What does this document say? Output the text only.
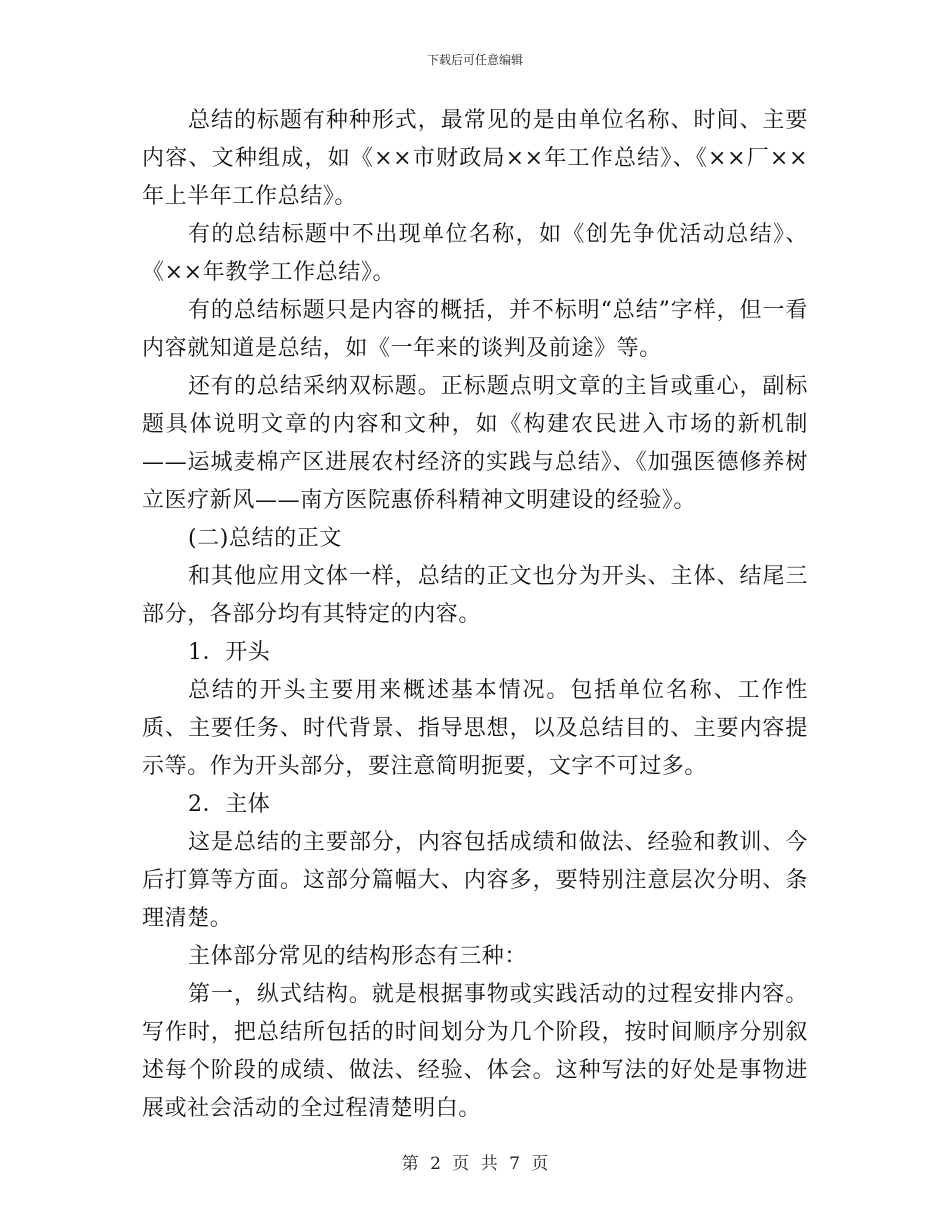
下载后可任意编辑

总结的标题有种种形式，最常见的是由单位名称、时间、主要内容、文种组成，如《××市财政局××年工作总结》、《××厂××年上半年工作总结》。

有的总结标题中不出现单位名称，如《创先争优活动总结》、《××年教学工作总结》。

有的总结标题只是内容的概括，并不标明“总结”字样，但一看内容就知道是总结，如《一年来的谈判及前途》等。

还有的总结采纳双标题。正标题点明文章的主旨或重心，副标题具体说明文章的内容和文种，如《构建农民进入市场的新机制——运城麦棉产区进展农村经济的实践与总结》、《加强医德修养树立医疗新风——南方医院惠侨科精神文明建设的经验》。

(二)总结的正文

和其他应用文体一样，总结的正文也分为开头、主体、结尾三部分，各部分均有其特定的内容。

1．开头

总结的开头主要用来概述基本情况。包括单位名称、工作性质、主要任务、时代背景、指导思想，以及总结目的、主要内容提示等。作为开头部分，要注意简明扼要，文字不可过多。

2．主体

这是总结的主要部分，内容包括成绩和做法、经验和教训、今后打算等方面。这部分篇幅大、内容多，要特别注意层次分明、条理清楚。

主体部分常见的结构形态有三种：

第一，纵式结构。就是根据事物或实践活动的过程安排内容。写作时，把总结所包括的时间划分为几个阶段，按时间顺序分别叙述每个阶段的成绩、做法、经验、体会。这种写法的好处是事物进展或社会活动的全过程清楚明白。

第 2 页 共 7 页
